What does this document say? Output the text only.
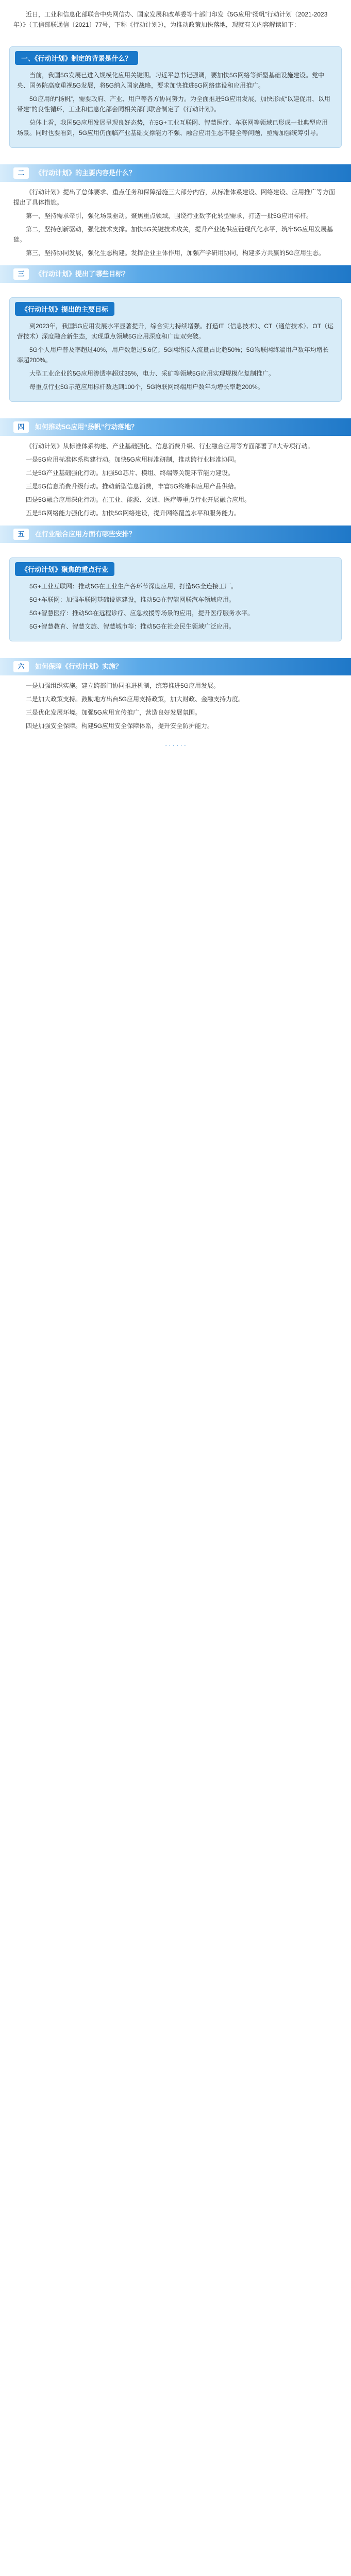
近日，工业和信息化部联合中央网信办、国家发展和改革委等十部门印发《5G应用“扬帆”行动计划（2021-2023年）》（工信部联通信〔2021〕77号，下称《行动计划》），为推动政策加快落地，现就有关内容解读如下：

一、《行动计划》制定的背景是什么？

当前，我国5G发展已进入规模化应用关键期。习近平总书记强调，要加快5G网络等新型基础设施建设。党中央、国务院高度重视5G发展，将5G纳入国家战略，要求加快推进5G网络建设和应用推广。

5G应用的“扬帆”，需要政府、产业、用户等各方协同努力。为全面推进5G应用发展，加快形成“以建促用、以用带建”的良性循环，工业和信息化部会同相关部门联合制定了《行动计划》。

总体上看，我国5G应用发展呈现良好态势，在5G+工业互联网、智慧医疗、车联网等领域已形成一批典型应用场景。同时也要看到，5G应用仍面临产业基础支撑能力不强、融合应用生态不健全等问题，亟需加强统筹引导。

二	《行动计划》的主要内容是什么？

《行动计划》提出了总体要求、重点任务和保障措施三大部分内容，从标准体系建设、网络建设、应用推广等方面提出了具体措施。

第一，坚持需求牵引，强化场景驱动。聚焦重点领域，围绕行业数字化转型需求，打造一批5G应用标杆。

第二，坚持创新驱动，强化技术支撑。加快5G关键技术攻关，提升产业链供应链现代化水平，筑牢5G应用发展基础。

第三，坚持协同发展，强化生态构建。发挥企业主体作用，加强产学研用协同，构建多方共赢的5G应用生态。

三	《行动计划》提出了哪些目标？
《行动计划》提出的主要目标

到2023年，我国5G应用发展水平显著提升，综合实力持续增强。打造IT（信息技术）、CT（通信技术）、OT（运营技术）深度融合新生态，实现重点领域5G应用深度和广度双突破。

5G个人用户普及率超过40%，用户数超过5.6亿；5G网络接入流量占比超50%；5G物联网终端用户数年均增长率超200%。

大型工业企业的5G应用渗透率超过35%，电力、采矿等领域5G应用实现规模化复制推广。

每重点行业5G示范应用标杆数达到100个，5G物联网终端用户数年均增长率超200%。

四	如何推动5G应用“扬帆”行动落地？

《行动计划》从标准体系构建、产业基础强化、信息消费升级、行业融合应用等方面部署了8大专项行动。

一是5G应用标准体系构建行动。加快5G应用标准研制，推动跨行业标准协同。

二是5G产业基础强化行动。加强5G芯片、模组、终端等关键环节能力建设。

三是5G信息消费升级行动。推动新型信息消费，丰富5G终端和应用产品供给。

四是5G融合应用深化行动。在工业、能源、交通、医疗等重点行业开展融合应用。

五是5G网络能力强化行动。加快5G网络建设，提升网络覆盖水平和服务能力。

五	在行业融合应用方面有哪些安排？
《行动计划》聚焦的重点行业

5G+工业互联网：推动5G在工业生产各环节深度应用，打造5G全连接工厂。

5G+车联网：加强车联网基础设施建设，推动5G在智能网联汽车领域应用。

5G+智慧医疗：推动5G在远程诊疗、应急救援等场景的应用，提升医疗服务水平。

5G+智慧教育、智慧文旅、智慧城市等：推动5G在社会民生领域广泛应用。

六	如何保障《行动计划》实施？

一是加强组织实施。建立跨部门协同推进机制，统筹推进5G应用发展。

二是加大政策支持。鼓励地方出台5G应用支持政策，加大财政、金融支持力度。

三是优化发展环境。加强5G应用宣传推广，营造良好发展氛围。

四是加强安全保障。构建5G应用安全保障体系，提升安全防护能力。

· · · · · ·
